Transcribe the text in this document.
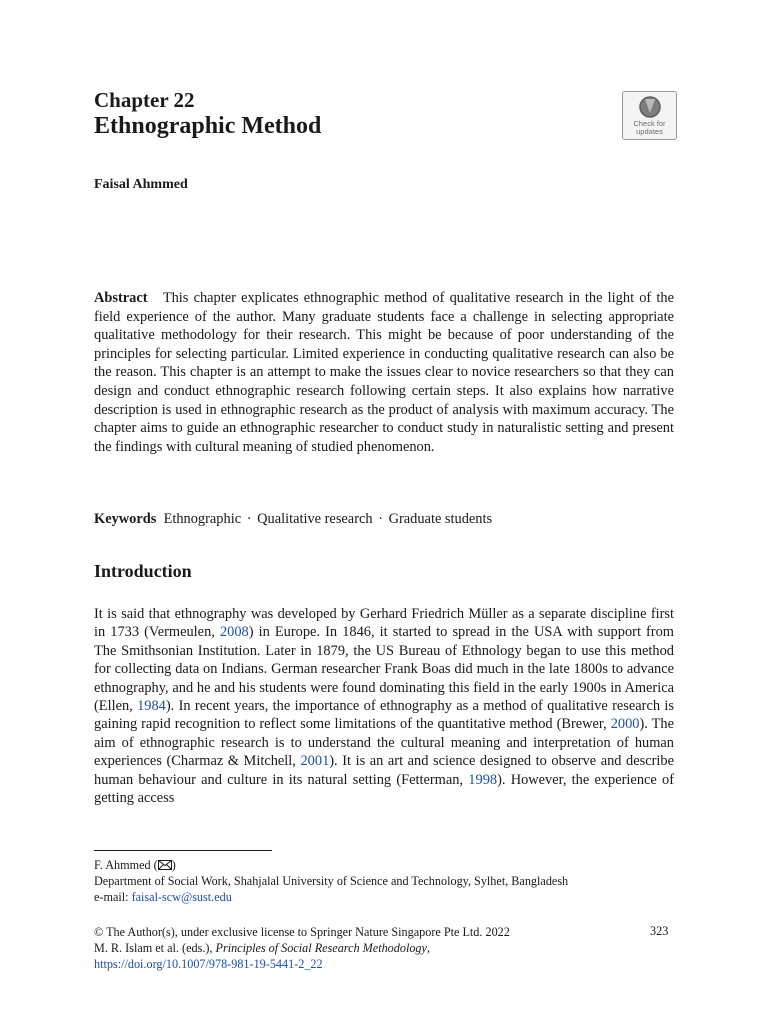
Chapter 22
Ethnographic Method	Check for
updates
Faisal Ahmmed

Abstract This chapter explicates ethnographic method of qualitative research in the light of the field experience of the author. Many graduate students face a challenge in selecting appropriate qualitative methodology for their research. This might be because of poor understanding of the principles for selecting particular. Limited experience in conducting qualitative research can also be the reason. This chapter is an attempt to make the issues clear to novice researchers so that they can design and conduct ethnographic research following certain steps. It also explains how narrative description is used in ethnographic research as the product of analysis with maximum accuracy. The chapter aims to guide an ethnographic researcher to conduct study in naturalistic setting and present the findings with cultural meaning of studied phenomenon.

Keywords Ethnographic · Qualitative research · Graduate students

Introduction

It is said that ethnography was developed by Gerhard Friedrich Müller as a separate discipline first in 1733 (Vermeulen, 2008) in Europe. In 1846, it started to spread in the USA with support from The Smithsonian Institution. Later in 1879, the US Bureau of Ethnology began to use this method for collecting data on Indians. German researcher Frank Boas did much in the late 1800s to advance ethnography, and he and his students were found dominating this field in the early 1900s in America (Ellen, 1984). In recent years, the importance of ethnography as a method of qualitative research is gaining rapid recognition to reflect some limitations of the quantitative method (Brewer, 2000). The aim of ethnographic research is to understand the cultural meaning and interpretation of human experiences (Charmaz & Mitchell, 2001). It is an art and science designed to observe and describe human behaviour and culture in its natural setting (Fetterman, 1998). However, the experience of getting access

F. Ahmmed ( )

Department of Social Work, Shahjalal University of Science and Technology, Sylhet, Bangladesh

e-mail: faisal-scw@sust.edu

© The Author(s), under exclusive license to Springer Nature Singapore Pte Ltd. 2022	323

M. R. Islam et al. (eds.), Principles of Social Research Methodology,

https://doi.org/10.1007/978-981-19-5441-2_22
